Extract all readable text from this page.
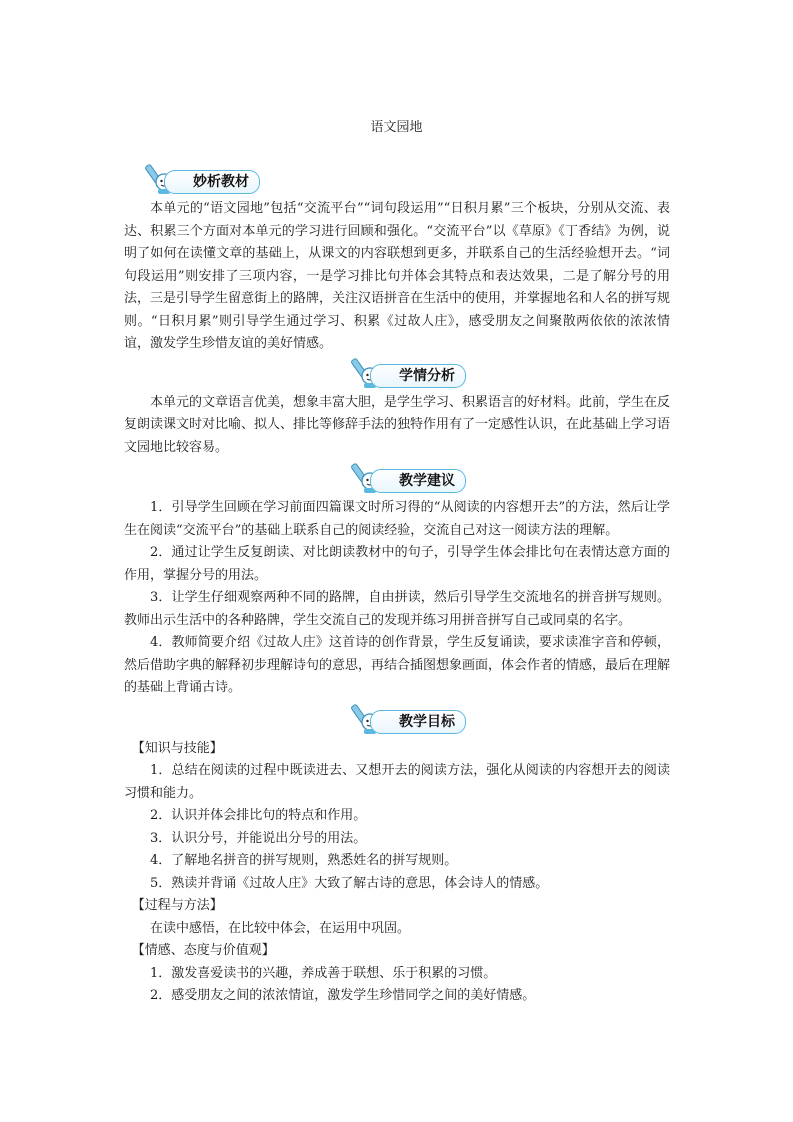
语文园地
妙析教材

本单元的“语文园地”包括“交流平台”“词句段运用”“日积月累”三个板块，分别从交流、表达、积累三个方面对本单元的学习进行回顾和强化。“交流平台”以《草原》《丁香结》为例，说明了如何在读懂文章的基础上，从课文的内容联想到更多，并联系自己的生活经验想开去。“词句段运用”则安排了三项内容，一是学习排比句并体会其特点和表达效果，二是了解分号的用法，三是引导学生留意街上的路牌，关注汉语拼音在生活中的使用，并掌握地名和人名的拼写规则。“日积月累”则引导学生通过学习、积累《过故人庄》，感受朋友之间聚散两依依的浓浓情谊，激发学生珍惜友谊的美好情感。

学情分析

本单元的文章语言优美，想象丰富大胆，是学生学习、积累语言的好材料。此前，学生在反复朗读课文时对比喻、拟人、排比等修辞手法的独特作用有了一定感性认识，在此基础上学习语文园地比较容易。

教学建议

1．引导学生回顾在学习前面四篇课文时所习得的“从阅读的内容想开去”的方法，然后让学生在阅读“交流平台”的基础上联系自己的阅读经验，交流自己对这一阅读方法的理解。

2．通过让学生反复朗读、对比朗读教材中的句子，引导学生体会排比句在表情达意方面的作用，掌握分号的用法。

3．让学生仔细观察两种不同的路牌，自由拼读，然后引导学生交流地名的拼音拼写规则。教师出示生活中的各种路牌，学生交流自己的发现并练习用拼音拼写自己或同桌的名字。

4．教师简要介绍《过故人庄》这首诗的创作背景，学生反复诵读，要求读准字音和停顿，然后借助字典的解释初步理解诗句的意思，再结合插图想象画面，体会作者的情感，最后在理解的基础上背诵古诗。

教学目标

【知识与技能】

1．总结在阅读的过程中既读进去、又想开去的阅读方法，强化从阅读的内容想开去的阅读习惯和能力。

2．认识并体会排比句的特点和作用。

3．认识分号，并能说出分号的用法。

4．了解地名拼音的拼写规则，熟悉姓名的拼写规则。

5．熟读并背诵《过故人庄》大致了解古诗的意思，体会诗人的情感。

【过程与方法】

在读中感悟，在比较中体会，在运用中巩固。

【情感、态度与价值观】

1．激发喜爱读书的兴趣，养成善于联想、乐于积累的习惯。

2．感受朋友之间的浓浓情谊，激发学生珍惜同学之间的美好情感。
